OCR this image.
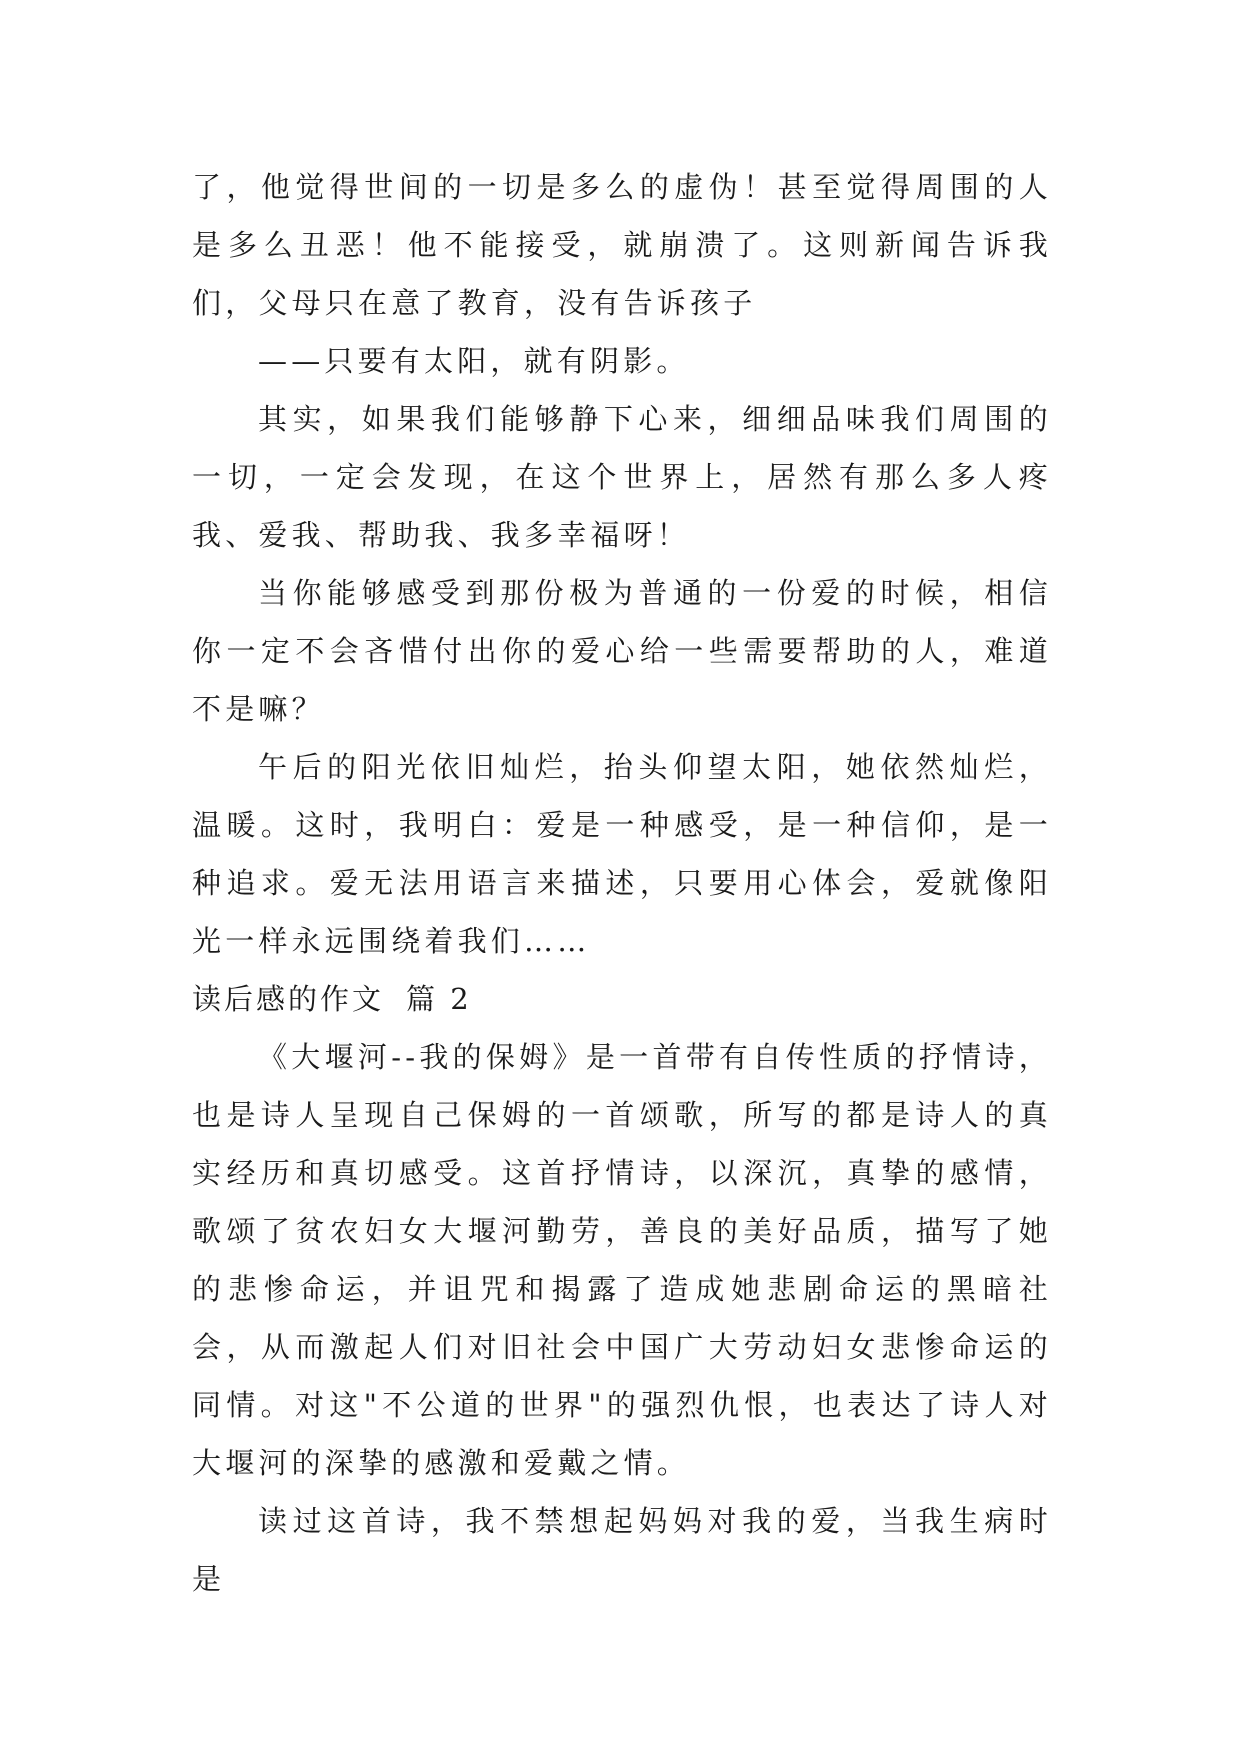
了，他觉得世间的一切是多么的虚伪！甚至觉得周围的人是多么丑恶！他不能接受，就崩溃了。这则新闻告诉我们，父母只在意了教育，没有告诉孩子

——只要有太阳，就有阴影。

其实，如果我们能够静下心来，细细品味我们周围的一切，一定会发现，在这个世界上，居然有那么多人疼我、爱我、帮助我、我多幸福呀！

当你能够感受到那份极为普通的一份爱的时候，相信你一定不会吝惜付出你的爱心给一些需要帮助的人，难道不是嘛？

午后的阳光依旧灿烂，抬头仰望太阳，她依然灿烂，温暖。这时，我明白：爱是一种感受，是一种信仰，是一种追求。爱无法用语言来描述，只要用心体会，爱就像阳光一样永远围绕着我们……

读后感的作文 篇 2

《大堰河--我的保姆》是一首带有自传性质的抒情诗，也是诗人呈现自己保姆的一首颂歌，所写的都是诗人的真实经历和真切感受。这首抒情诗，以深沉，真挚的感情，歌颂了贫农妇女大堰河勤劳，善良的美好品质，描写了她的悲惨命运，并诅咒和揭露了造成她悲剧命运的黑暗社会，从而激起人们对旧社会中国广大劳动妇女悲惨命运的同情。对这"不公道的世界"的强烈仇恨，也表达了诗人对大堰河的深挚的感激和爱戴之情。

读过这首诗，我不禁想起妈妈对我的爱，当我生病时是
